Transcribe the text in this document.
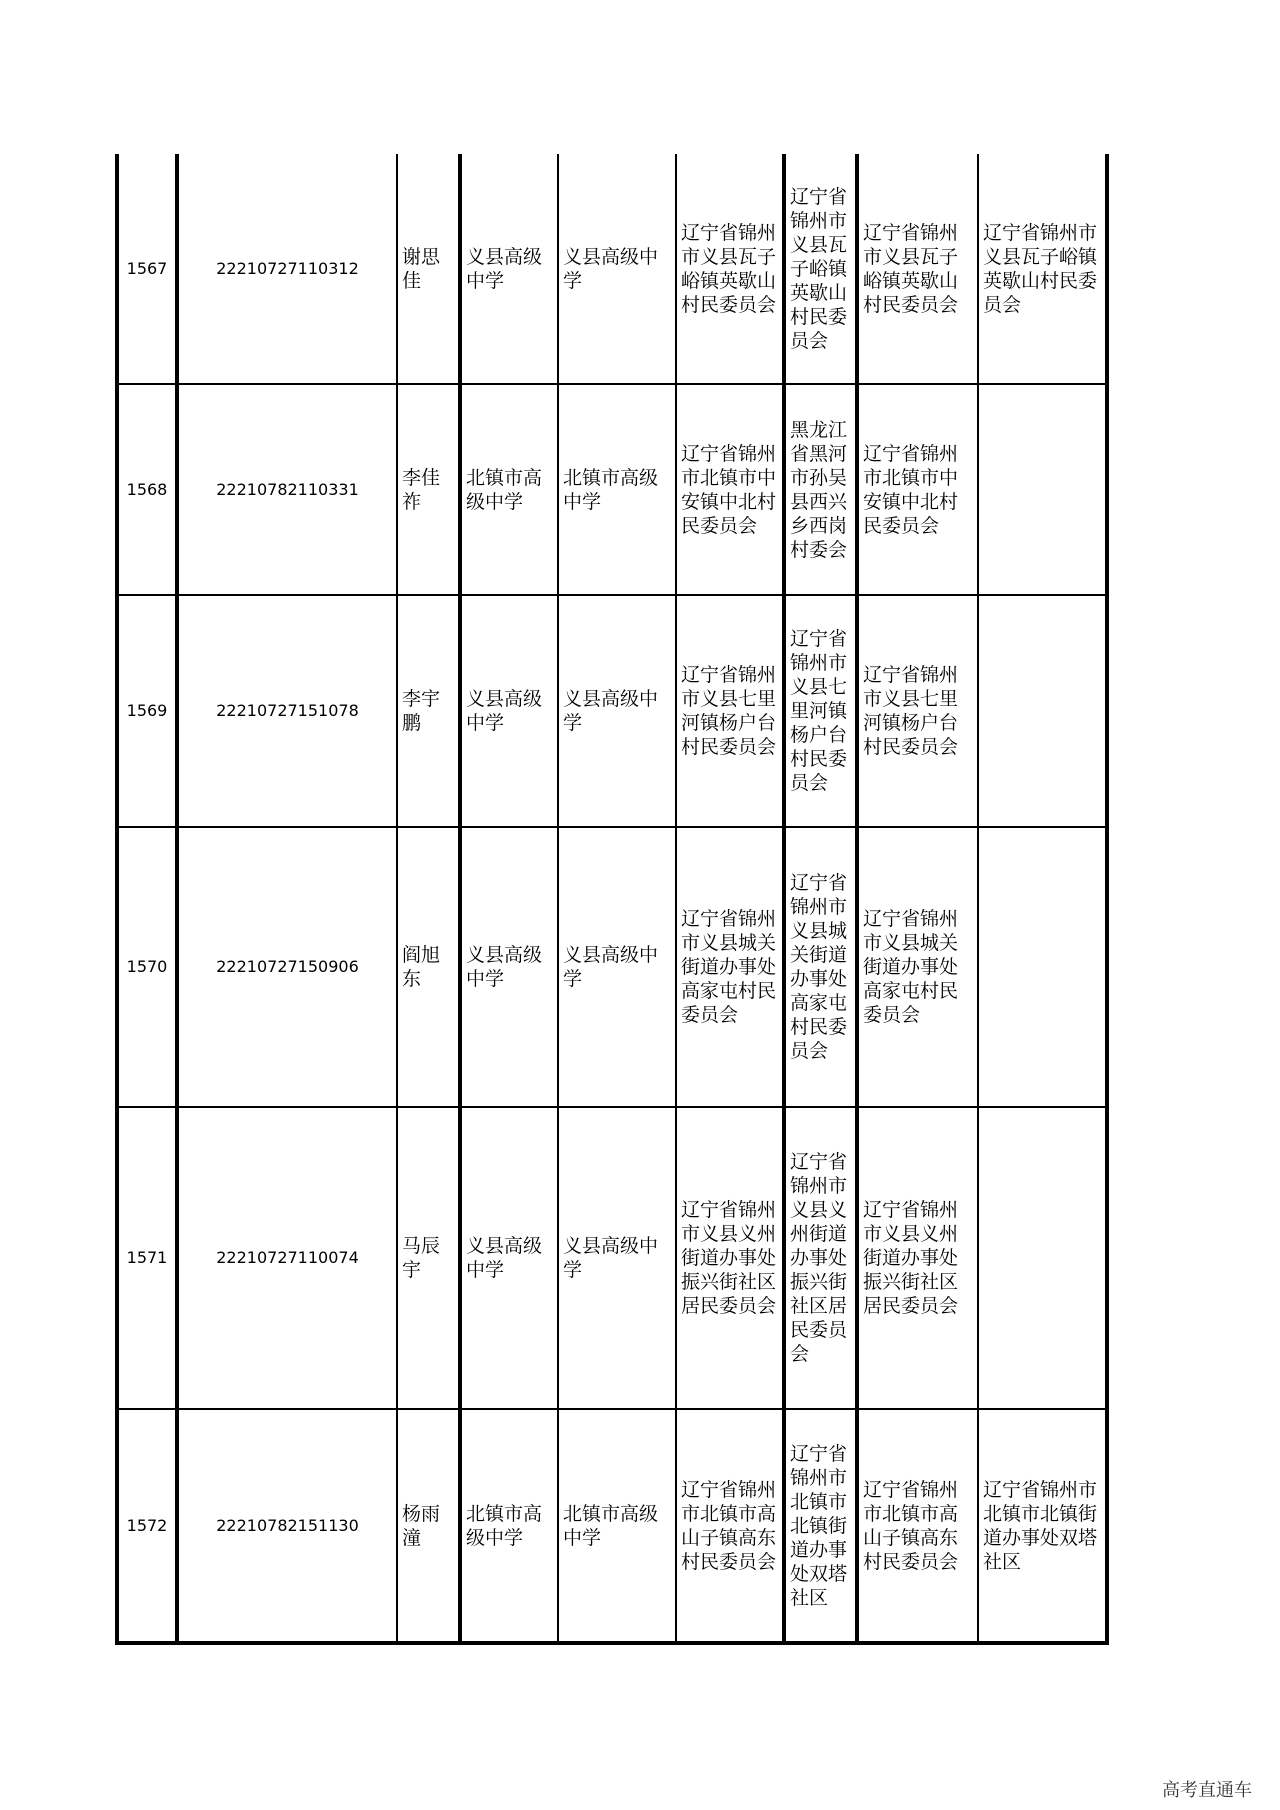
1567	22210727110312	谢思佳	义县高级中学	义县高级中学	辽宁省锦州市义县瓦子峪镇英歇山村民委员会	辽宁省锦州市义县瓦子峪镇英歇山村民委员会	辽宁省锦州市义县瓦子峪镇英歇山村民委员会	辽宁省锦州市义县瓦子峪镇英歇山村民委员会
1568	22210782110331	李佳祚	北镇市高级中学	北镇市高级中学	辽宁省锦州市北镇市中安镇中北村民委员会	黑龙江省黑河市孙吴县西兴乡西岗村委会	辽宁省锦州市北镇市中安镇中北村民委员会	
1569	22210727151078	李宇鹏	义县高级中学	义县高级中学	辽宁省锦州市义县七里河镇杨户台村民委员会	辽宁省锦州市义县七里河镇杨户台村民委员会	辽宁省锦州市义县七里河镇杨户台村民委员会	
1570	22210727150906	阎旭东	义县高级中学	义县高级中学	辽宁省锦州市义县城关街道办事处高家屯村民委员会	辽宁省锦州市义县城关街道办事处高家屯村民委员会	辽宁省锦州市义县城关街道办事处高家屯村民委员会	
1571	22210727110074	马辰宇	义县高级中学	义县高级中学	辽宁省锦州市义县义州街道办事处振兴街社区居民委员会	辽宁省锦州市义县义州街道办事处振兴街社区居民委员会	辽宁省锦州市义县义州街道办事处振兴街社区居民委员会	
1572	22210782151130	杨雨潼	北镇市高级中学	北镇市高级中学	辽宁省锦州市北镇市高山子镇高东村民委员会	辽宁省锦州市北镇市北镇街道办事处双塔社区	辽宁省锦州市北镇市高山子镇高东村民委员会	辽宁省锦州市北镇市北镇街道办事处双塔社区
高考直通车
